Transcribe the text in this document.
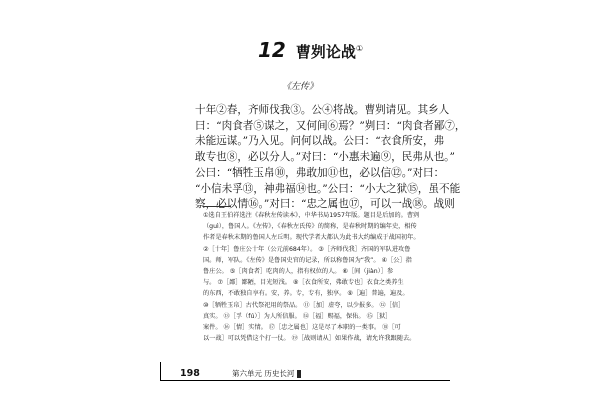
12 曹刿论战①
《左传》

十年②春，齐师伐我③。公④将战。曹刿请见。其乡人

曰：“肉食者⑤谋之，又何间⑥焉？”刿曰：“肉食者鄙⑦，

未能远谋。”乃入见。问何以战。公曰：“衣食所安，弗

敢专也⑧，必以分人。”对曰：“小惠未遍⑨，民弗从也。”

公曰：“牺牲玉帛⑩，弗敢加⑪也，必以信⑫。”对曰：

“小信未孚⑬，神弗福⑭也。”公曰：“小大之狱⑮，虽不能

察，必以情⑯。”对曰：“忠之属也⑰，可以一战⑱。战则

①选自王伯祥选注《春秋左传读本》，中华书局1957年版。题目是后加的。曹刿

（guì），鲁国人。《左传》，《春秋左氏传》的简称，是春秋时期的编年史，相传

作者是春秋末期的鲁国人左丘明。现代学者大都认为此书大约编成于战国初年。

②［十年］鲁庄公十年（公元前684年）。 ③［齐师伐我］齐国的军队进攻鲁

国。师，军队。《左传》是鲁国史官的记录，所以称鲁国为“我”。 ④［公］指

鲁庄公。 ⑤［肉食者］吃肉的人，指有权位的人。 ⑥［间（jiàn）］参

与。 ⑦［鄙］鄙陋，目光短浅。 ⑧［衣食所安，弗敢专也］衣食之类养生

的东西，不敢独自享有。安，养。专，专有，独享。 ⑨［遍］普遍，遍及。

⑩［牺牲玉帛］古代祭祀用的祭品。 ⑪［加］虚夸，以少报多。 ⑫［信］

真实。 ⑬［孚（fú）］为人所信服。 ⑭［福］赐福，保佑。 ⑮［狱］

案件。 ⑯［情］实情。 ⑰［忠之属也］这是尽了本职的一类事。 ⑱［可

以一战］可以凭借这个打一仗。 ⑲［战则请从］如果作战，请允许我跟随去。

198	第六单元 历史长河
